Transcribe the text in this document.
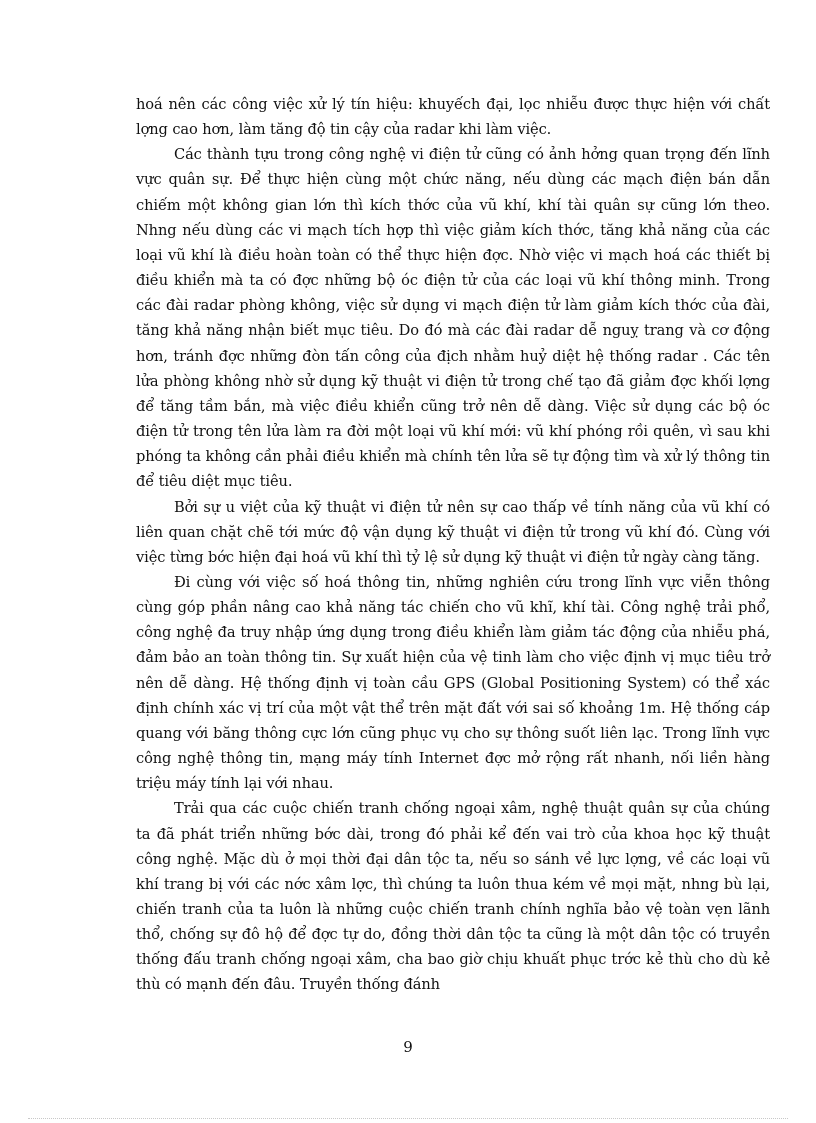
hoá nên các công việc xử lý tín hiệu: khuyếch đại, lọc nhiễu được thực hiện với chất lợng cao hơn, làm tăng độ tin cậy của radar khi làm việc.

Các thành tựu trong công nghệ vi điện tử cũng có ảnh hởng quan trọng đến lĩnh vực quân sự. Để thực hiện cùng một chức năng, nếu dùng các mạch điện bán dẫn chiếm một không gian lớn thì kích thớc của vũ khí, khí tài quân sự cũng lớn theo. Nhng nếu dùng các vi mạch tích hợp thì việc giảm kích thớc, tăng khả năng của các loại vũ khí là điều hoàn toàn có thể thực hiện đợc. Nhờ việc vi mạch hoá các thiết bị điều khiển mà ta có đợc những bộ óc điện tử của các loại vũ khí thông minh. Trong các đài radar phòng không, việc sử dụng vi mạch điện tử làm giảm kích thớc của đài, tăng khả năng nhận biết mục tiêu. Do đó mà các đài radar dễ nguỵ trang và cơ động hơn, tránh đợc những đòn tấn công của địch nhằm huỷ diệt hệ thống radar . Các tên lửa phòng không nhờ sử dụng kỹ thuật vi điện tử trong chế tạo đã giảm đợc khối lợng để tăng tầm bắn, mà việc điều khiển cũng trở nên dễ dàng. Việc sử dụng các bộ óc điện tử trong tên lửa làm ra đời một loại vũ khí mới: vũ khí phóng rồi quên, vì sau khi phóng ta không cần phải điều khiển mà chính tên lửa sẽ tự động tìm và xử lý thông tin để tiêu diệt mục tiêu.

Bởi sự u việt của kỹ thuật vi điện tử nên sự cao thấp về tính năng của vũ khí có liên quan chặt chẽ tới mức độ vận dụng kỹ thuật vi điện tử trong vũ khí đó. Cùng với việc từng bớc hiện đại hoá vũ khí thì tỷ lệ sử dụng kỹ thuật vi điện tử ngày càng tăng.

Đi cùng với việc số hoá thông tin, những nghiên cứu trong lĩnh vực viễn thông cùng góp phần nâng cao khả năng tác chiến cho vũ khĩ, khí tài. Công nghệ trải phổ, công nghệ đa truy nhập ứng dụng trong điều khiển làm giảm tác động của nhiễu phá, đảm bảo an toàn thông tin. Sự xuất hiện của vệ tinh làm cho việc định vị mục tiêu trở nên dễ dàng. Hệ thống định vị toàn cầu GPS (Global Positioning System) có thể xác định chính xác vị trí của một vật thể trên mặt đất với sai số khoảng 1m. Hệ thống cáp quang với băng thông cực lớn cũng phục vụ cho sự thông suốt liên lạc. Trong lĩnh vực công nghệ thông tin, mạng máy tính Internet đợc mở rộng rất nhanh, nối liền hàng triệu máy tính lại với nhau.

Trải qua các cuộc chiến tranh chống ngoại xâm, nghệ thuật quân sự của chúng ta đã phát triển những bớc dài, trong đó phải kể đến vai trò của khoa học kỹ thuật công nghệ. Mặc dù ở mọi thời đại dân tộc ta, nếu so sánh về lực lợng, về các loại vũ khí trang bị với các nớc xâm lợc, thì chúng ta luôn thua kém về mọi mặt, nhng bù lại, chiến tranh của ta luôn là những cuộc chiến tranh chính nghĩa bảo vệ toàn vẹn lãnh thổ, chống sự đô hộ để đợc tự do, đồng thời dân tộc ta cũng là một dân tộc có truyền thống đấu tranh chống ngoại xâm, cha bao giờ chịu khuất phục trớc kẻ thù cho dù kẻ thù có mạnh đến đâu. Truyền thống đánh

9
